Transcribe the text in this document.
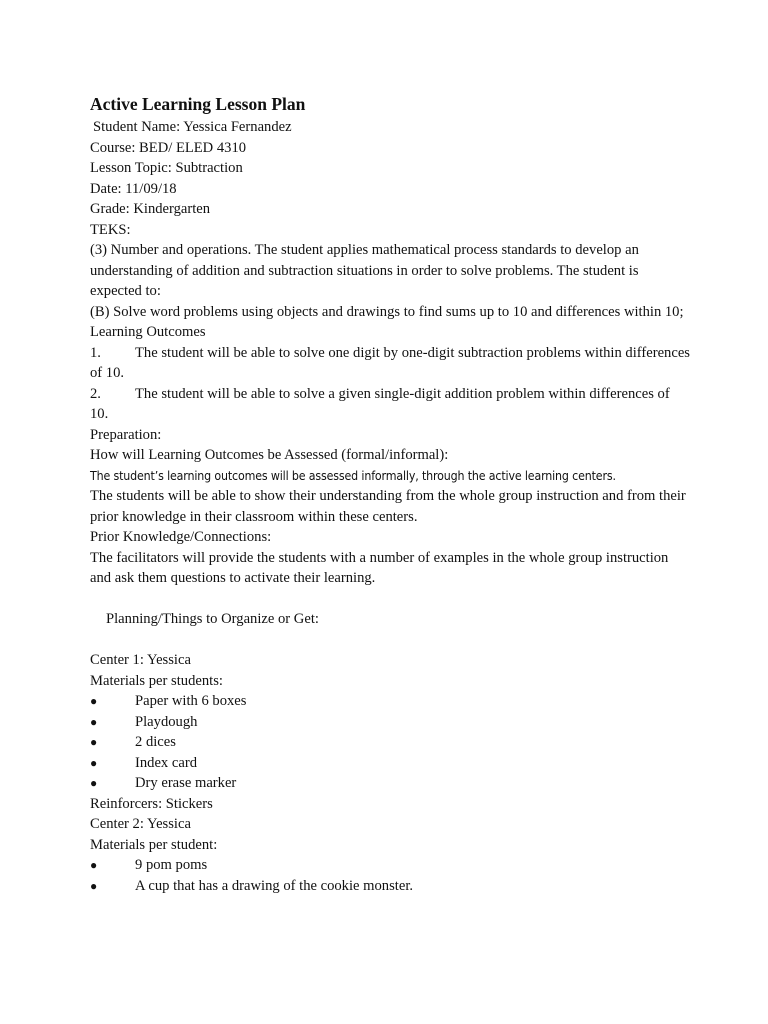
Active Learning Lesson Plan
Student Name: Yessica Fernandez
Course: BED/ ELED 4310
Lesson Topic: Subtraction
Date: 11/09/18
Grade: Kindergarten
TEKS:
(3) Number and operations. The student applies mathematical process standards to develop an understanding of addition and subtraction situations in order to solve problems. The student is expected to:
(B) Solve word problems using objects and drawings to find sums up to 10 and differences within 10;
Learning Outcomes
1. The student will be able to solve one digit by one-digit subtraction problems within differences of 10.
2. The student will be able to solve a given single-digit addition problem within differences of 10.
Preparation:
How will Learning Outcomes be Assessed (formal/informal):
The student’s learning outcomes will be assessed informally, through the active learning centers.
The students will be able to show their understanding from the whole group instruction and from their prior knowledge in their classroom within these centers.
Prior Knowledge/Connections:
The facilitators will provide the students with a number of examples in the whole group instruction and ask them questions to activate their learning.
Planning/Things to Organize or Get:
Center 1: Yessica
Materials per students:
●	Paper with 6 boxes
●	Playdough
●	2 dices
●	Index card
●	Dry erase marker
Reinforcers: Stickers
Center 2: Yessica
Materials per student:
●	9 pom poms
●	A cup that has a drawing of the cookie monster.
